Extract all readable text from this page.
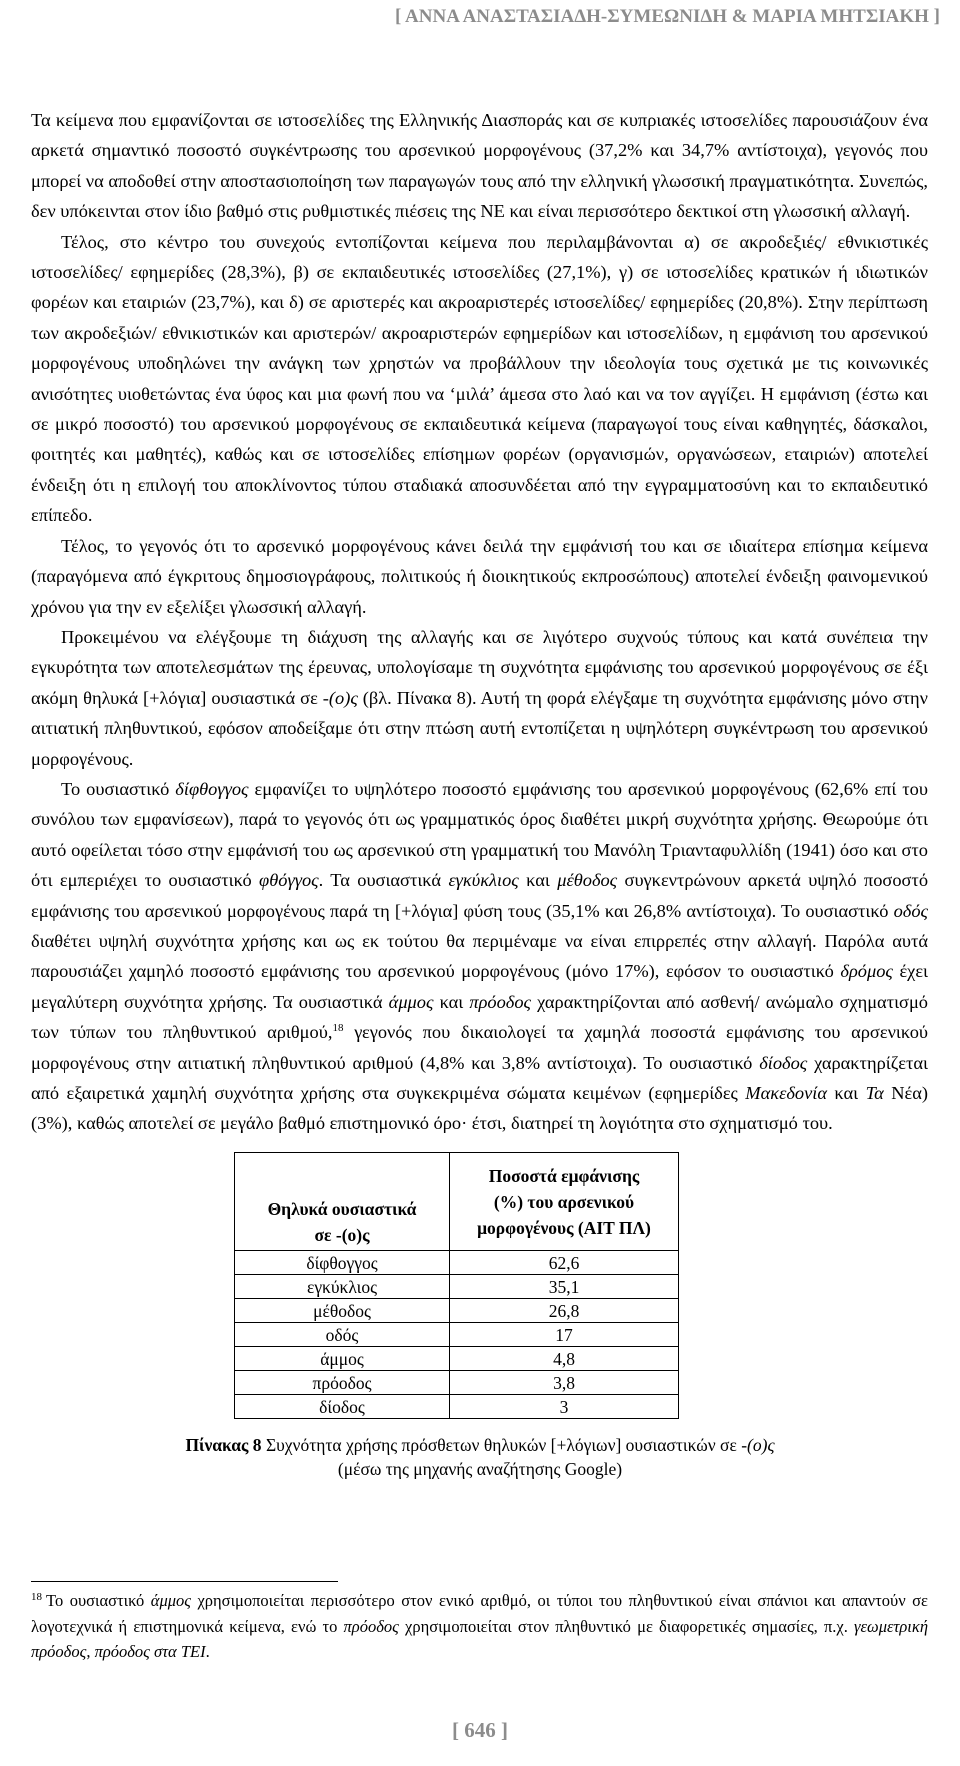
[ ΑΝΝΑ ΑΝΑΣΤΑΣΙΑΔΗ-ΣΥΜΕΩΝΙΔΗ & ΜΑΡΙΑ ΜΗΤΣΙΑΚΗ ]

Τα κείμενα που εμφανίζονται σε ιστοσελίδες της Ελληνικής Διασποράς και σε κυπριακές ιστοσελίδες παρουσιάζουν ένα αρκετά σημαντικό ποσοστό συγκέντρωσης του αρσενικού μορφογένους (37,2% και 34,7% αντίστοιχα), γεγονός που μπορεί να αποδοθεί στην αποστασιοποίηση των παραγωγών τους από την ελληνική γλωσσική πραγματικότητα. Συνεπώς, δεν υπόκεινται στον ίδιο βαθμό στις ρυθμιστικές πιέσεις της ΝΕ και είναι περισσότερο δεκτικοί στη γλωσσική αλλαγή.

Τέλος, στο κέντρο του συνεχούς εντοπίζονται κείμενα που περιλαμβάνονται α) σε ακροδεξιές/ εθνικιστικές ιστοσελίδες/ εφημερίδες (28,3%), β) σε εκπαιδευτικές ιστοσελίδες (27,1%), γ) σε ιστοσελίδες κρατικών ή ιδιωτικών φορέων και εταιριών (23,7%), και δ) σε αριστερές και ακροαριστερές ιστοσελίδες/ εφημερίδες (20,8%). Στην περίπτωση των ακροδεξιών/ εθνικιστικών και αριστερών/ ακροαριστερών εφημερίδων και ιστοσελίδων, η εμφάνιση του αρσενικού μορφογένους υποδηλώνει την ανάγκη των χρηστών να προβάλλουν την ιδεολογία τους σχετικά με τις κοινωνικές ανισότητες υιοθετώντας ένα ύφος και μια φωνή που να ‘μιλά’ άμεσα στο λαό και να τον αγγίζει. Η εμφάνιση (έστω και σε μικρό ποσοστό) του αρσενικού μορφογένους σε εκπαιδευτικά κείμενα (παραγωγοί τους είναι καθηγητές, δάσκαλοι, φοιτητές και μαθητές), καθώς και σε ιστοσελίδες επίσημων φορέων (οργανισμών, οργανώσεων, εταιριών) αποτελεί ένδειξη ότι η επιλογή του αποκλίνοντος τύπου σταδιακά αποσυνδέεται από την εγγραμματοσύνη και το εκπαιδευτικό επίπεδο.

Τέλος, το γεγονός ότι το αρσενικό μορφογένους κάνει δειλά την εμφάνισή του και σε ιδιαίτερα επίσημα κείμενα (παραγόμενα από έγκριτους δημοσιογράφους, πολιτικούς ή διοικητικούς εκπροσώπους) αποτελεί ένδειξη φαινομενικού χρόνου για την εν εξελίξει γλωσσική αλλαγή.

Προκειμένου να ελέγξουμε τη διάχυση της αλλαγής και σε λιγότερο συχνούς τύπους και κατά συνέπεια την εγκυρότητα των αποτελεσμάτων της έρευνας, υπολογίσαμε τη συχνότητα εμφάνισης του αρσενικού μορφογένους σε έξι ακόμη θηλυκά [+λόγια] ουσιαστικά σε -(ο)ς (βλ. Πίνακα 8). Αυτή τη φορά ελέγξαμε τη συχνότητα εμφάνισης μόνο στην αιτιατική πληθυντικού, εφόσον αποδείξαμε ότι στην πτώση αυτή εντοπίζεται η υψηλότερη συγκέντρωση του αρσενικού μορφογένους.

Το ουσιαστικό δίφθογγος εμφανίζει το υψηλότερο ποσοστό εμφάνισης του αρσενικού μορφογένους (62,6% επί του συνόλου των εμφανίσεων), παρά το γεγονός ότι ως γραμματικός όρος διαθέτει μικρή συχνότητα χρήσης. Θεωρούμε ότι αυτό οφείλεται τόσο στην εμφάνισή του ως αρσενικού στη γραμματική του Μανόλη Τριανταφυλλίδη (1941) όσο και στο ότι εμπεριέχει το ουσιαστικό φθόγγος. Τα ουσιαστικά εγκύκλιος και μέθοδος συγκεντρώνουν αρκετά υψηλό ποσοστό εμφάνισης του αρσενικού μορφογένους παρά τη [+λόγια] φύση τους (35,1% και 26,8% αντίστοιχα). Το ουσιαστικό οδός διαθέτει υψηλή συχνότητα χρήσης και ως εκ τούτου θα περιμέναμε να είναι επιρρεπές στην αλλαγή. Παρόλα αυτά παρουσιάζει χαμηλό ποσοστό εμφάνισης του αρσενικού μορφογένους (μόνο 17%), εφόσον το ουσιαστικό δρόμος έχει μεγαλύτερη συχνότητα χρήσης. Τα ουσιαστικά άμμος και πρόοδος χαρακτηρίζονται από ασθενή/ ανώμαλο σχηματισμό των τύπων του πληθυντικού αριθμού,$^{18}$ γεγονός που δικαιολογεί τα χαμηλά ποσοστά εμφάνισης του αρσενικού μορφογένους στην αιτιατική πληθυντικού αριθμού (4,8% και 3,8% αντίστοιχα). Το ουσιαστικό δίοδος χαρακτηρίζεται από εξαιρετικά χαμηλή συχνότητα χρήσης στα συγκεκριμένα σώματα κειμένων (εφημερίδες Μακεδονία και Τα Νέα) (3%), καθώς αποτελεί σε μεγάλο βαθμό επιστημονικό όρο· έτσι, διατηρεί τη λογιότητα στο σχηματισμό του.

Θηλυκά ουσιαστικά
σε -(ο)ς	Ποσοστά εμφάνισης
(%) του αρσενικού
μορφογένους (ΑΙΤ ΠΛ)
δίφθογγος	62,6
εγκύκλιος	35,1
μέθοδος	26,8
οδός	17
άμμος	4,8
πρόοδος	3,8
δίοδος	3
Πίνακας 8 Συχνότητα χρήσης πρόσθετων θηλυκών [+λόγιων] ουσιαστικών σε -(ο)ς
(μέσω της μηχανής αναζήτησης Google)
$^{18}$ Το ουσιαστικό άμμος χρησιμοποιείται περισσότερο στον ενικό αριθμό, οι τύποι του πληθυντικού είναι σπάνιοι και απαντούν σε λογοτεχνικά ή επιστημονικά κείμενα, ενώ το πρόοδος χρησιμοποιείται στον πληθυντικό με διαφορετικές σημασίες, π.χ. γεωμετρική πρόοδος, πρόοδος στα ΤΕΙ.
[ 646 ]
